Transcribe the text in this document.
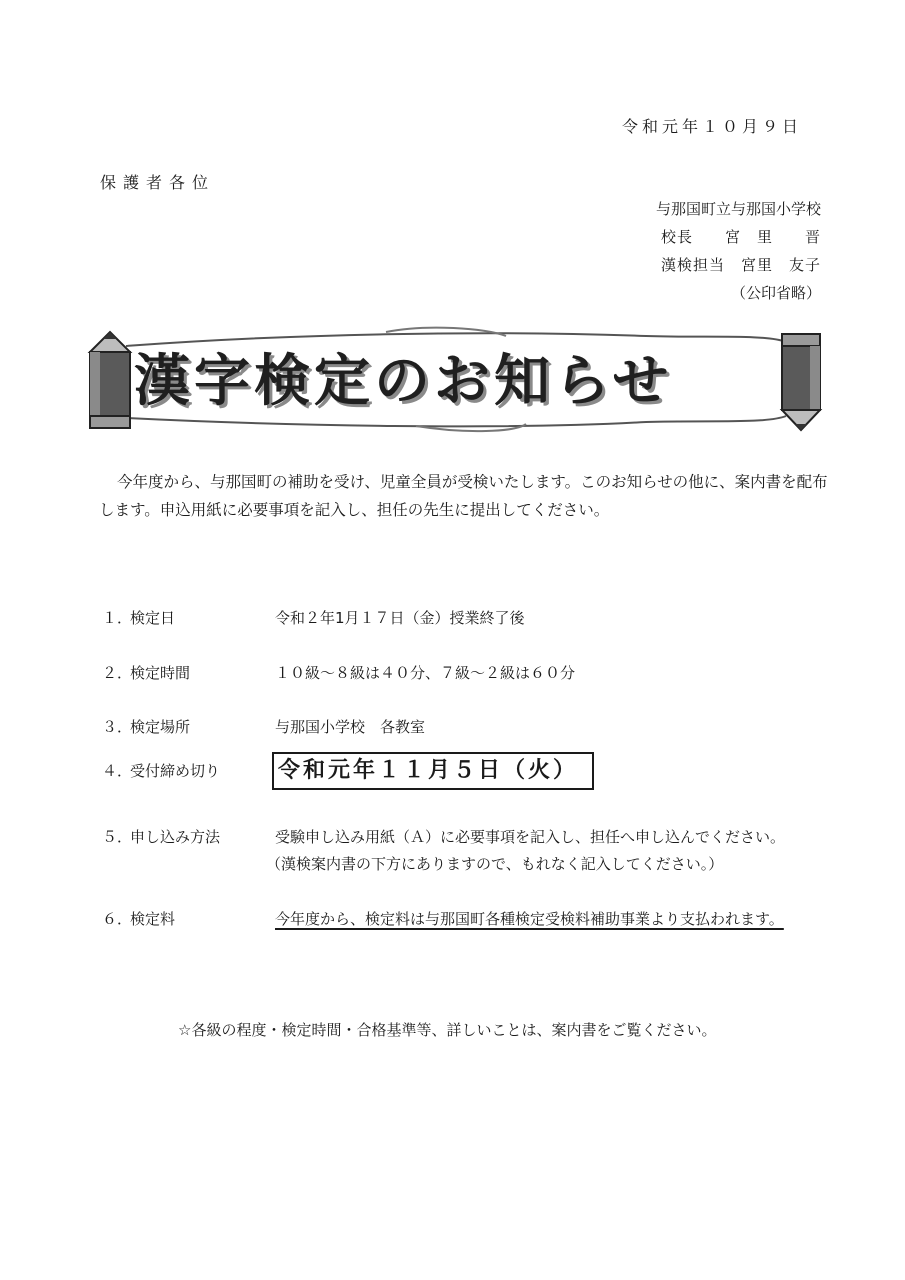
令和元年１０月９日
保護者各位
与那国町立与那国小学校
校長　　宮　里　　晋
漢検担当　宮里　友子
（公印省略）
漢字検定のお知らせ
今年度から、与那国町の補助を受け、児童全員が受検いたします。このお知らせの他に、案内書を配布します。申込用紙に必要事項を記入し、担任の先生に提出してください。
１．
検定日	令和２年1月１７日（金）授業終了後
２．
検定時間	１０級～８級は４０分、７級～２級は６０分
３．
検定場所	与那国小学校　各教室
４．
受付締め切り	令和元年１１月５日（火）
５．
申し込み方法	受験申し込み用紙（Ａ）に必要事項を記入し、担任へ申し込んでください。
（漢検案内書の下方にありますので、もれなく記入してください。）
６．
検定料	今年度から、検定料は与那国町各種検定受検料補助事業より支払われます。
☆各級の程度・検定時間・合格基準等、詳しいことは、案内書をご覧ください。
